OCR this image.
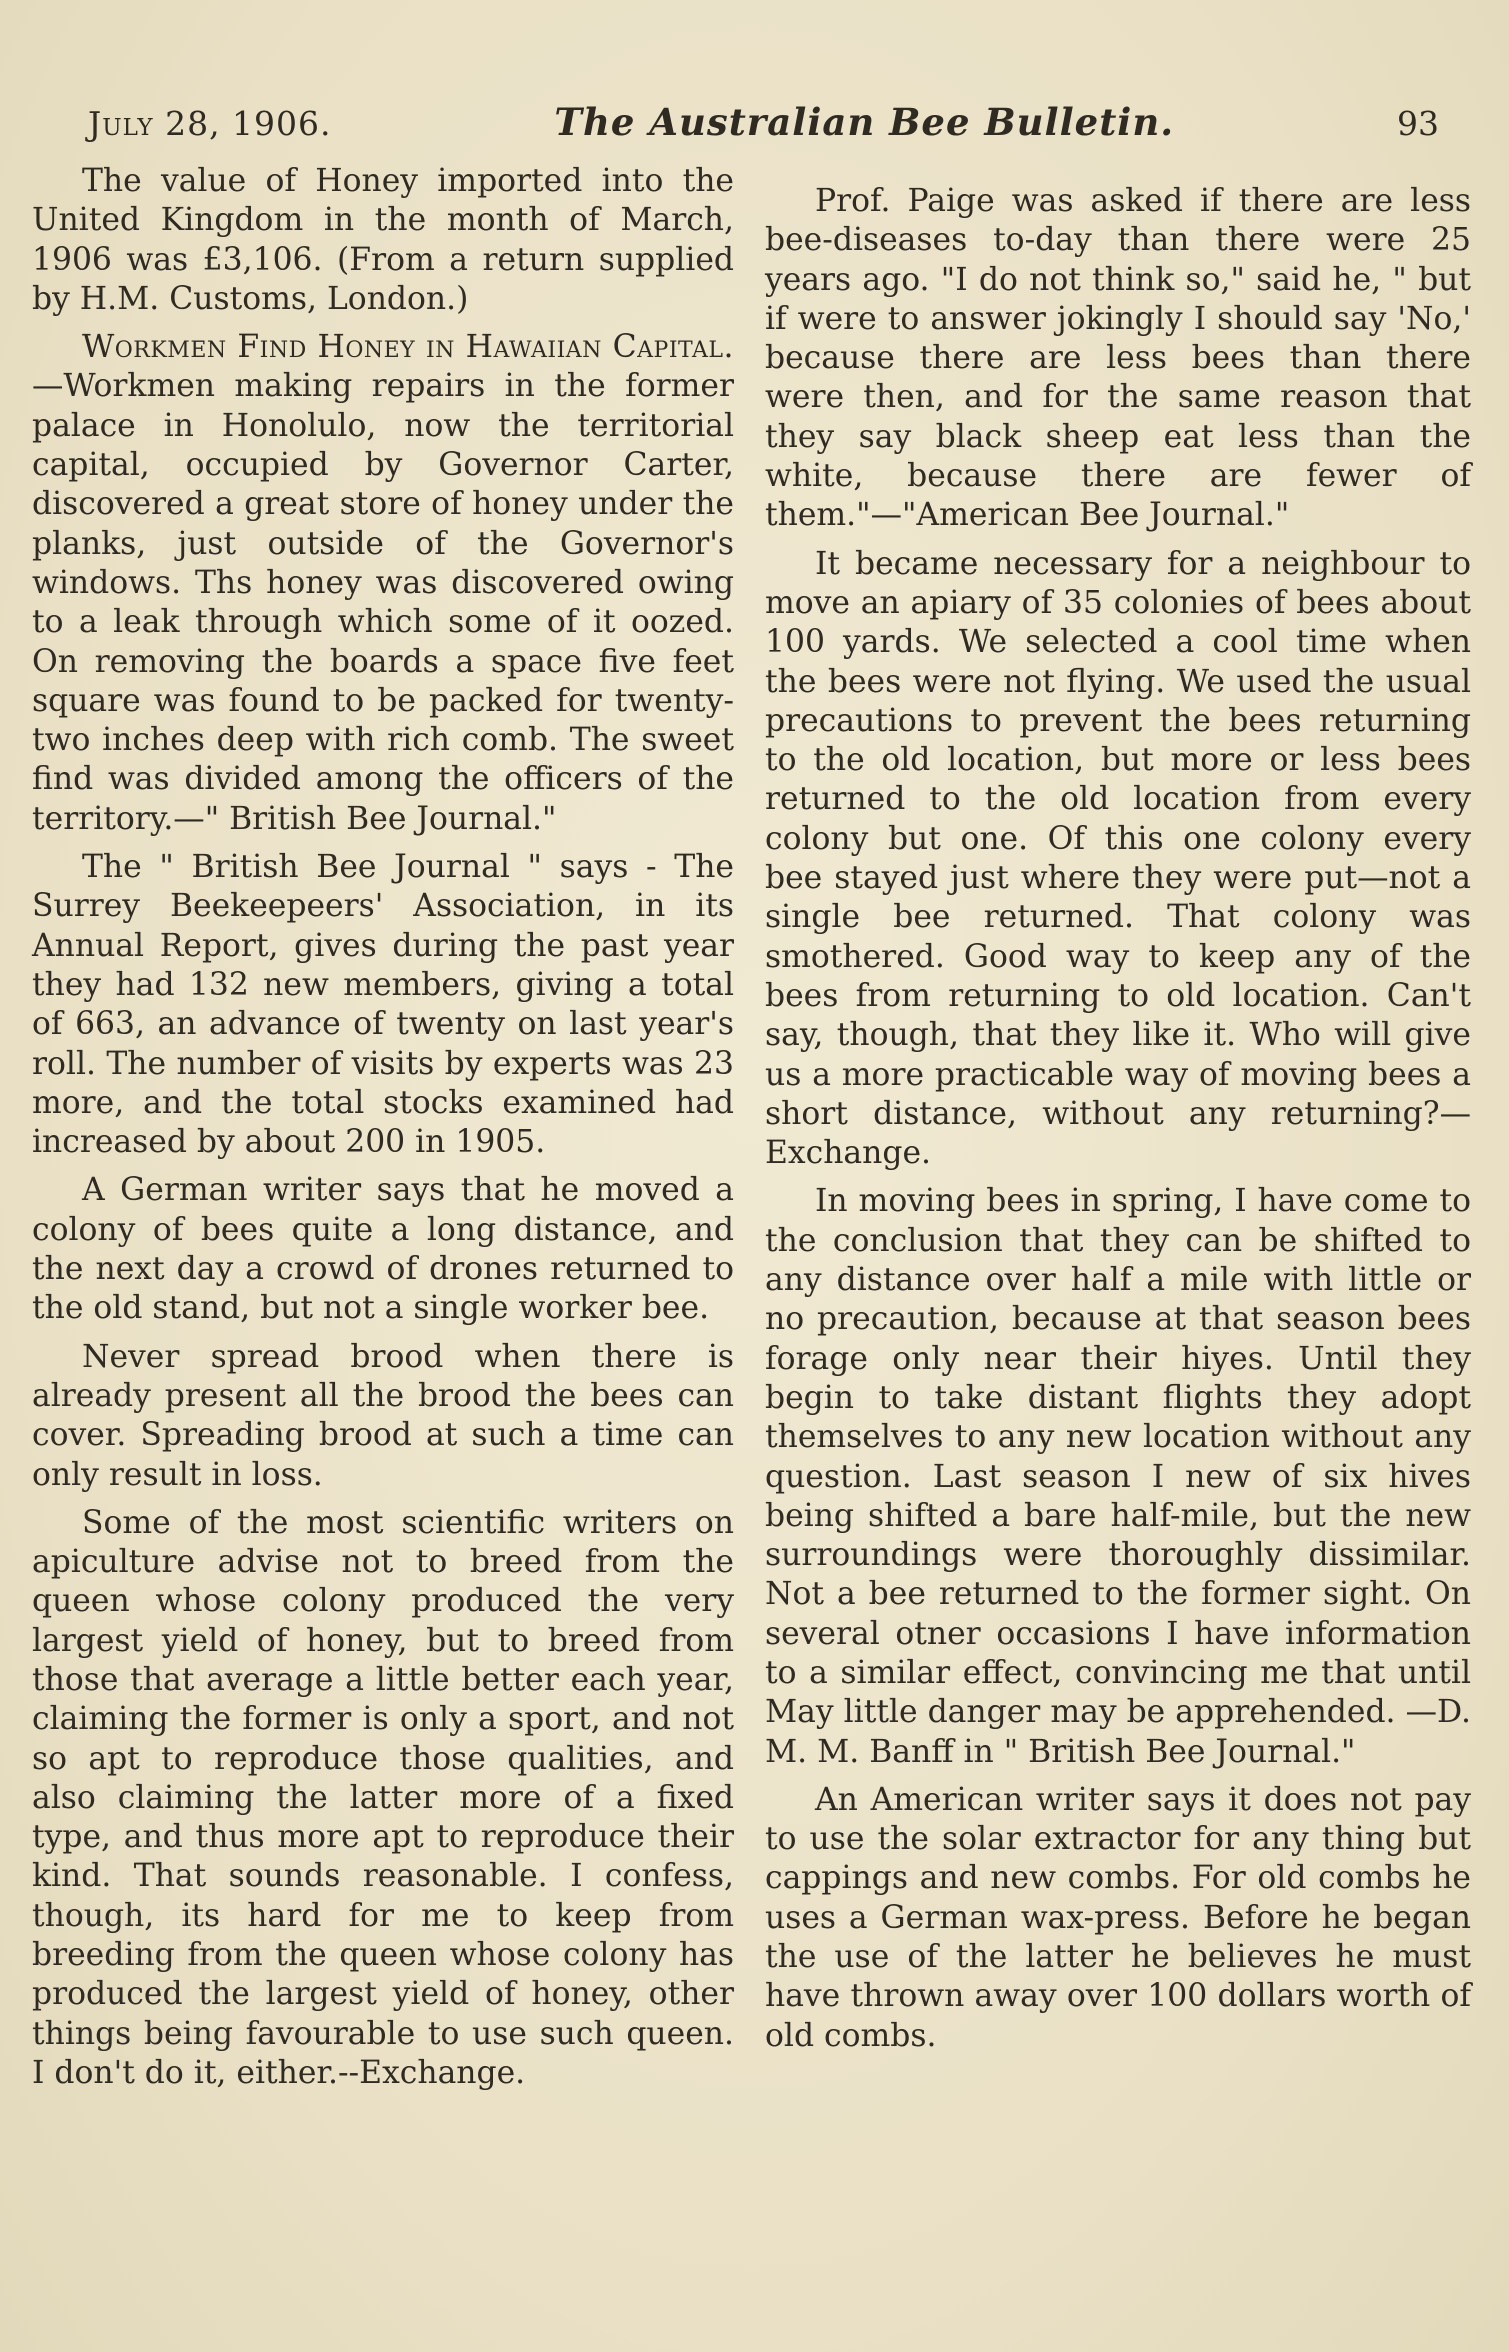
July 28, 1906.	The Australian Bee Bulletin.	93

The value of Honey imported into the United Kingdom in the month of March, 1906 was £3,106. (From a return supplied by H.M. Customs, London.)

Workmen Find Honey in Hawaiian Capital.—Workmen making repairs in the former palace in Honolulo, now the territorial capital, occupied by Governor Carter, discovered a great store of honey under the planks, just outside of the Governor's windows. Ths honey was discovered owing to a leak through which some of it oozed. On removing the boards a space five feet square was found to be packed for twenty-two inches deep with rich comb. The sweet find was divided among the officers of the territory.—" British Bee Journal."

The " British Bee Journal " says - The Surrey Beekeepeers' Association, in its Annual Report, gives during the past year they had 132 new members, giving a total of 663, an advance of twenty on last year's roll. The number of visits by experts was 23 more, and the total stocks examined had increased by about 200 in 1905.

A German writer says that he moved a colony of bees quite a long distance, and the next day a crowd of drones returned to the old stand, but not a single worker bee.

Never spread brood when there is already present all the brood the bees can cover. Spreading brood at such a time can only result in loss.

Some of the most scientific writers on apiculture advise not to breed from the queen whose colony produced the very largest yield of honey, but to breed from those that average a little better each year, claiming the former is only a sport, and not so apt to reproduce those qualities, and also claiming the latter more of a fixed type, and thus more apt to reproduce their kind. That sounds reasonable. I confess, though, its hard for me to keep from breeding from the queen whose colony has produced the largest yield of honey, other things being favourable to use such queen. I don't do it, either.--Exchange.

Prof. Paige was asked if there are less bee-diseases to-day than there were 25 years ago. "I do not think so," said he, " but if were to answer jokingly I should say 'No,' because there are less bees than there were then, and for the same reason that they say black sheep eat less than the white, because there are fewer of them."—"American Bee Journal."

It became necessary for a neighbour to move an apiary of 35 colonies of bees about 100 yards. We selected a cool time when the bees were not flying. We used the usual precautions to prevent the bees returning to the old location, but more or less bees returned to the old location from every colony but one. Of this one colony every bee stayed just where they were put—not a single bee returned. That colony was smothered. Good way to keep any of the bees from returning to old location. Can't say, though, that they like it. Who will give us a more practicable way of moving bees a short distance, without any returning?—Exchange.

In moving bees in spring, I have come to the conclusion that they can be shifted to any distance over half a mile with little or no precaution, because at that season bees forage only near their hiyes. Until they begin to take distant flights they adopt themselves to any new location without any question. Last season I new of six hives being shifted a bare half-mile, but the new surroundings were thoroughly dissimilar. Not a bee returned to the former sight. On several otner occasions I have information to a similar effect, convincing me that until May little danger may be apprehended. —D. M. M. Banff in " British Bee Journal."

An American writer says it does not pay to use the solar extractor for any thing but cappings and new combs. For old combs he uses a German wax-press. Before he began the use of the latter he believes he must have thrown away over 100 dollars worth of old combs.
